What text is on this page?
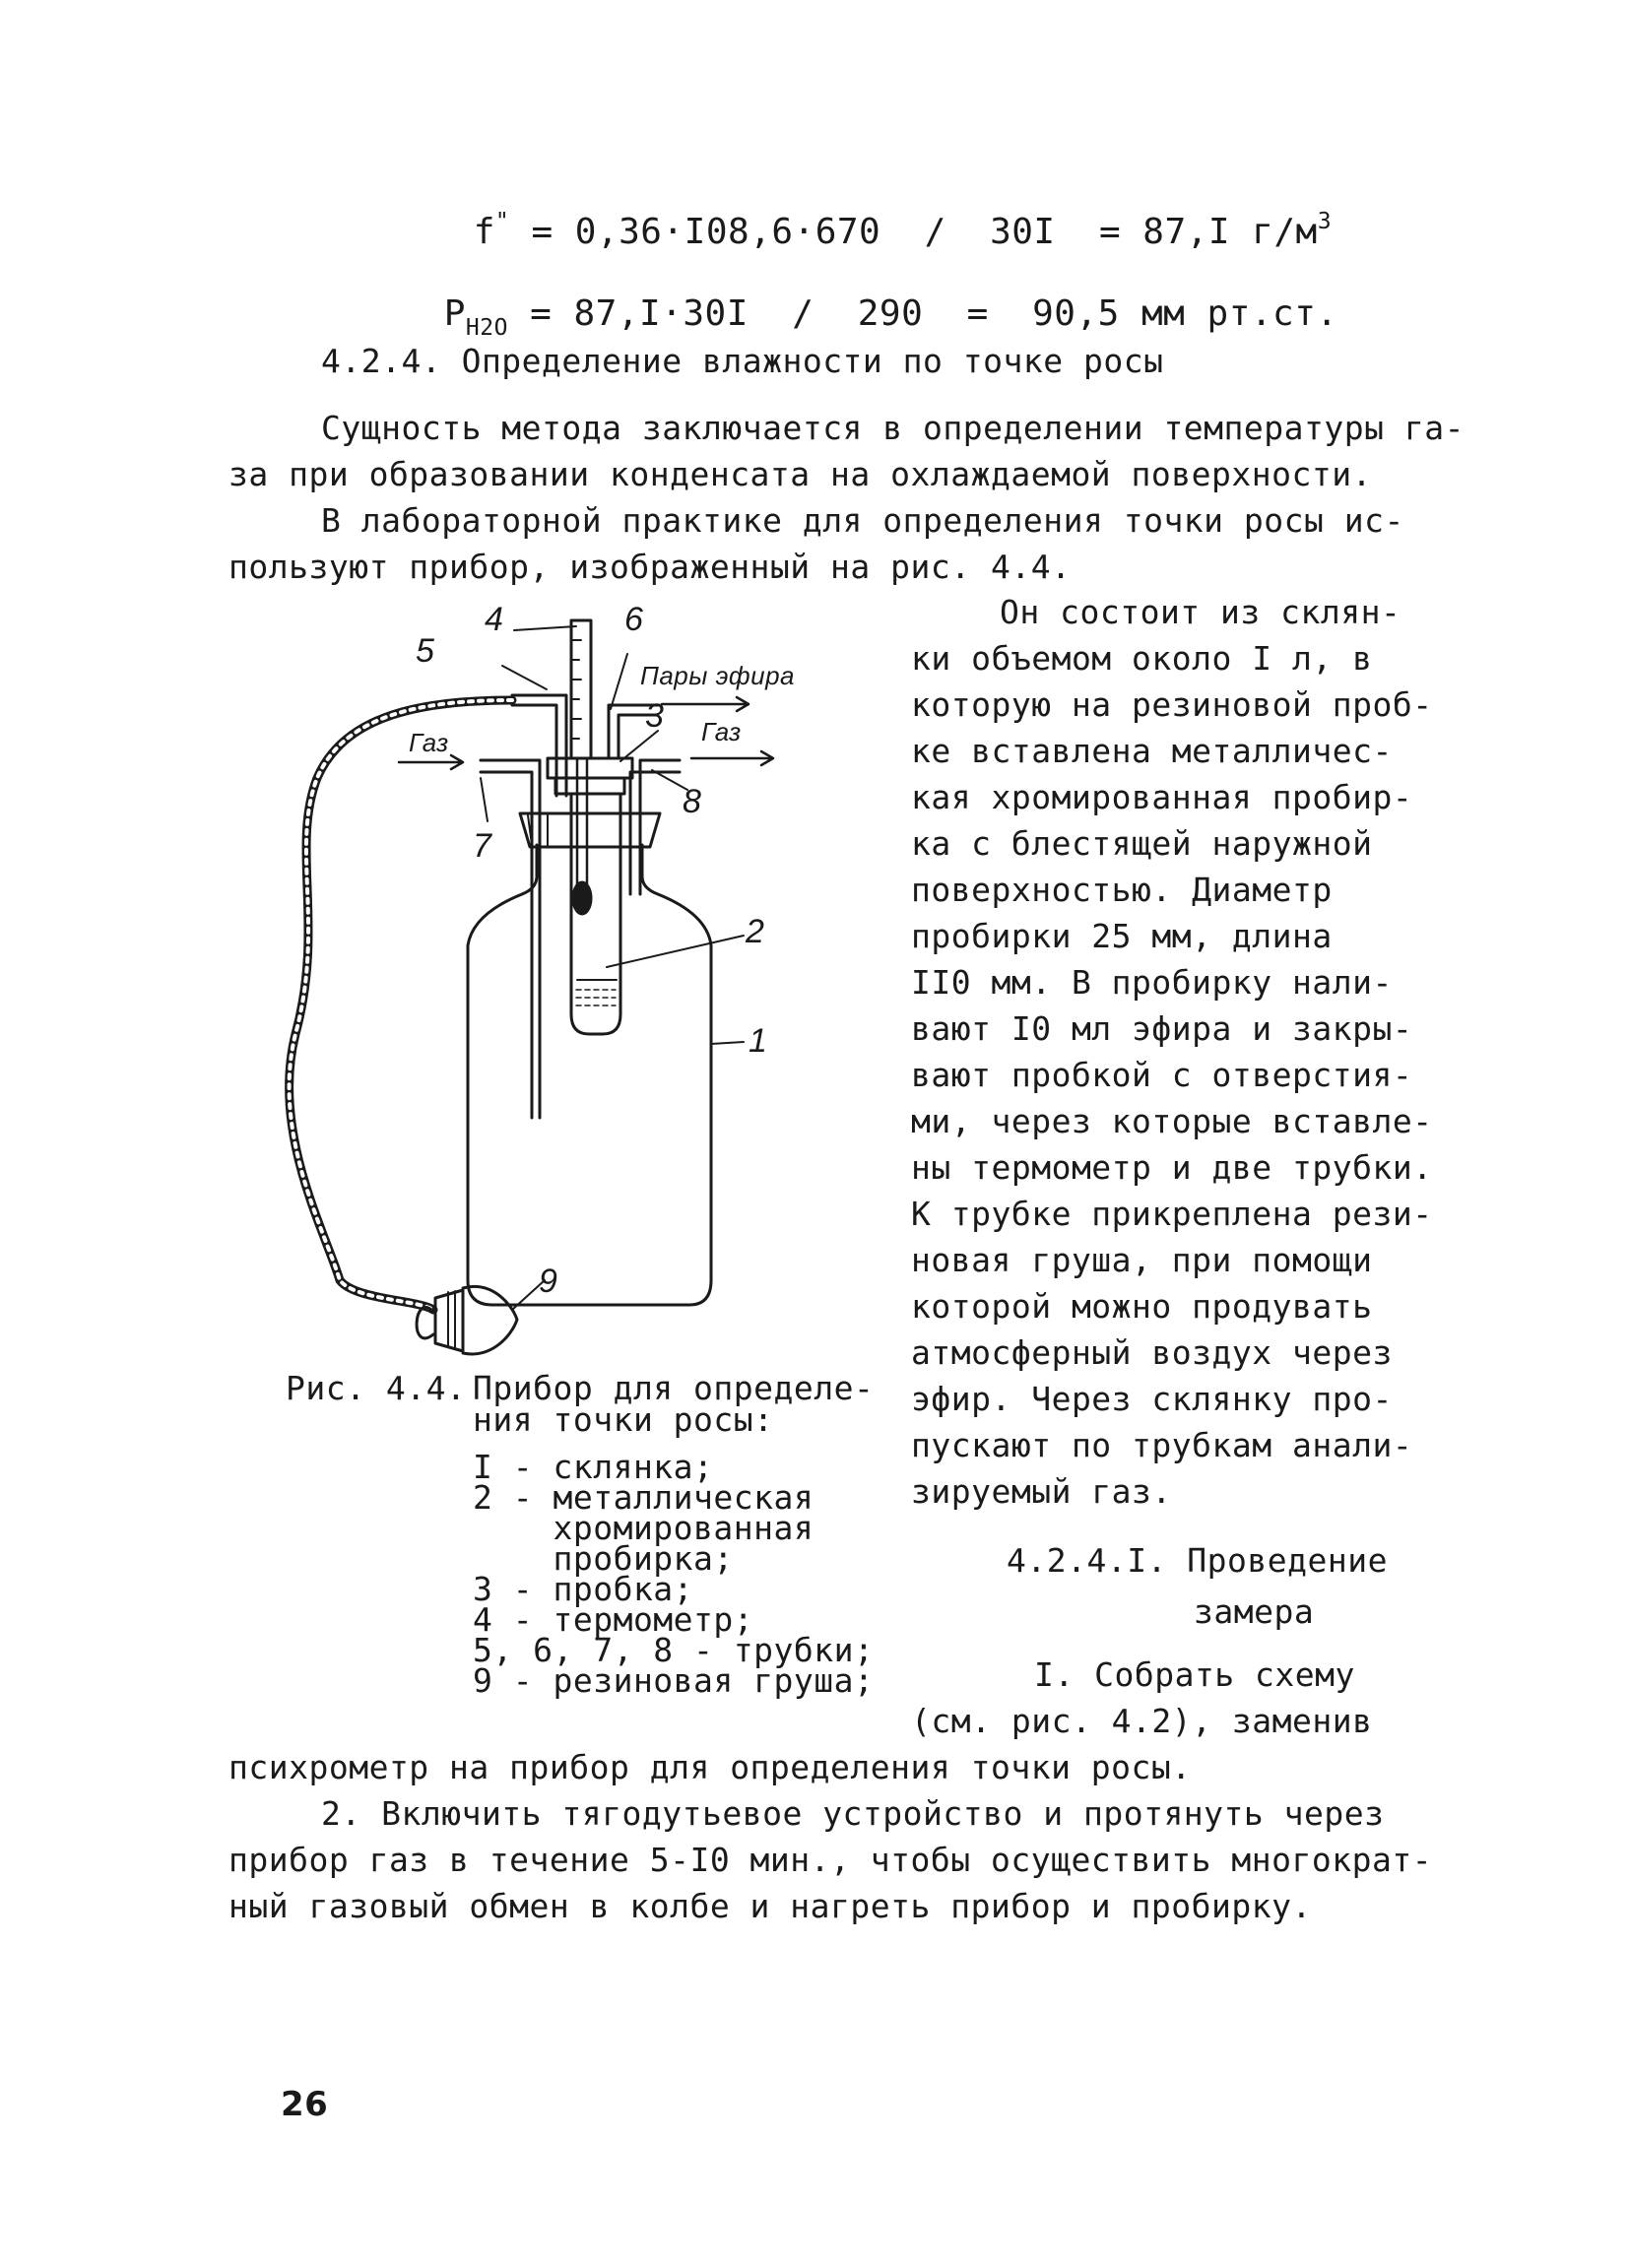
f" = 0,36·I08,6·670  /  30I  = 87,I $г/м^3$

$P_{H2O} = 87,I\cdot 30I / 290 = 90,5$ мм рт.ст.

4.2.4. Определение влажности по точке росы
Сущность метода заключается в определении температуры га-
за при образовании конденсата на охлаждаемой поверхности.
В лабораторной практике для определения точки росы ис-
пользуют прибор, изображенный на рис. 4.4.
Он состоит из склян-
ки объемом около I л, в
которую на резиновой проб-
ке вставлена металличес-
кая хромированная пробир-
ка с блестящей наружной
поверхностью. Диаметр
пробирки 25 мм, длина
II0 мм. В пробирку нали-
вают I0 мл эфира и закры-
вают пробкой с отверстия-
ми, через которые вставле-
ны термометр и две трубки.
К трубке прикреплена рези-
новая груша, при помощи
которой можно продувать
атмосферный воздух через
эфир. Через склянку про-
пускают по трубкам анали-
зируемый газ.
4.2.4.I. Проведение
замера
I. Собрать схему
(см. рис. 4.2), заменив
психрометр на прибор для определения точки росы.
2. Включить тягодутьевое устройство и протянуть через
прибор газ в течение 5-I0 мин., чтобы осуществить многократ-
ный газовый обмен в колбе и нагреть прибор и пробирку.
Рис. 4.4. Прибор для определе-
ния точки росы:
I - склянка;
2 - металлическая
хромированная
пробирка;
3 - пробка;
4 - термометр;
5, 6, 7, 8 - трубки;
9 - резиновая груша;
26
4	6
5
3
8
7
2
1
9
Пары эфира
Газ
Газ
